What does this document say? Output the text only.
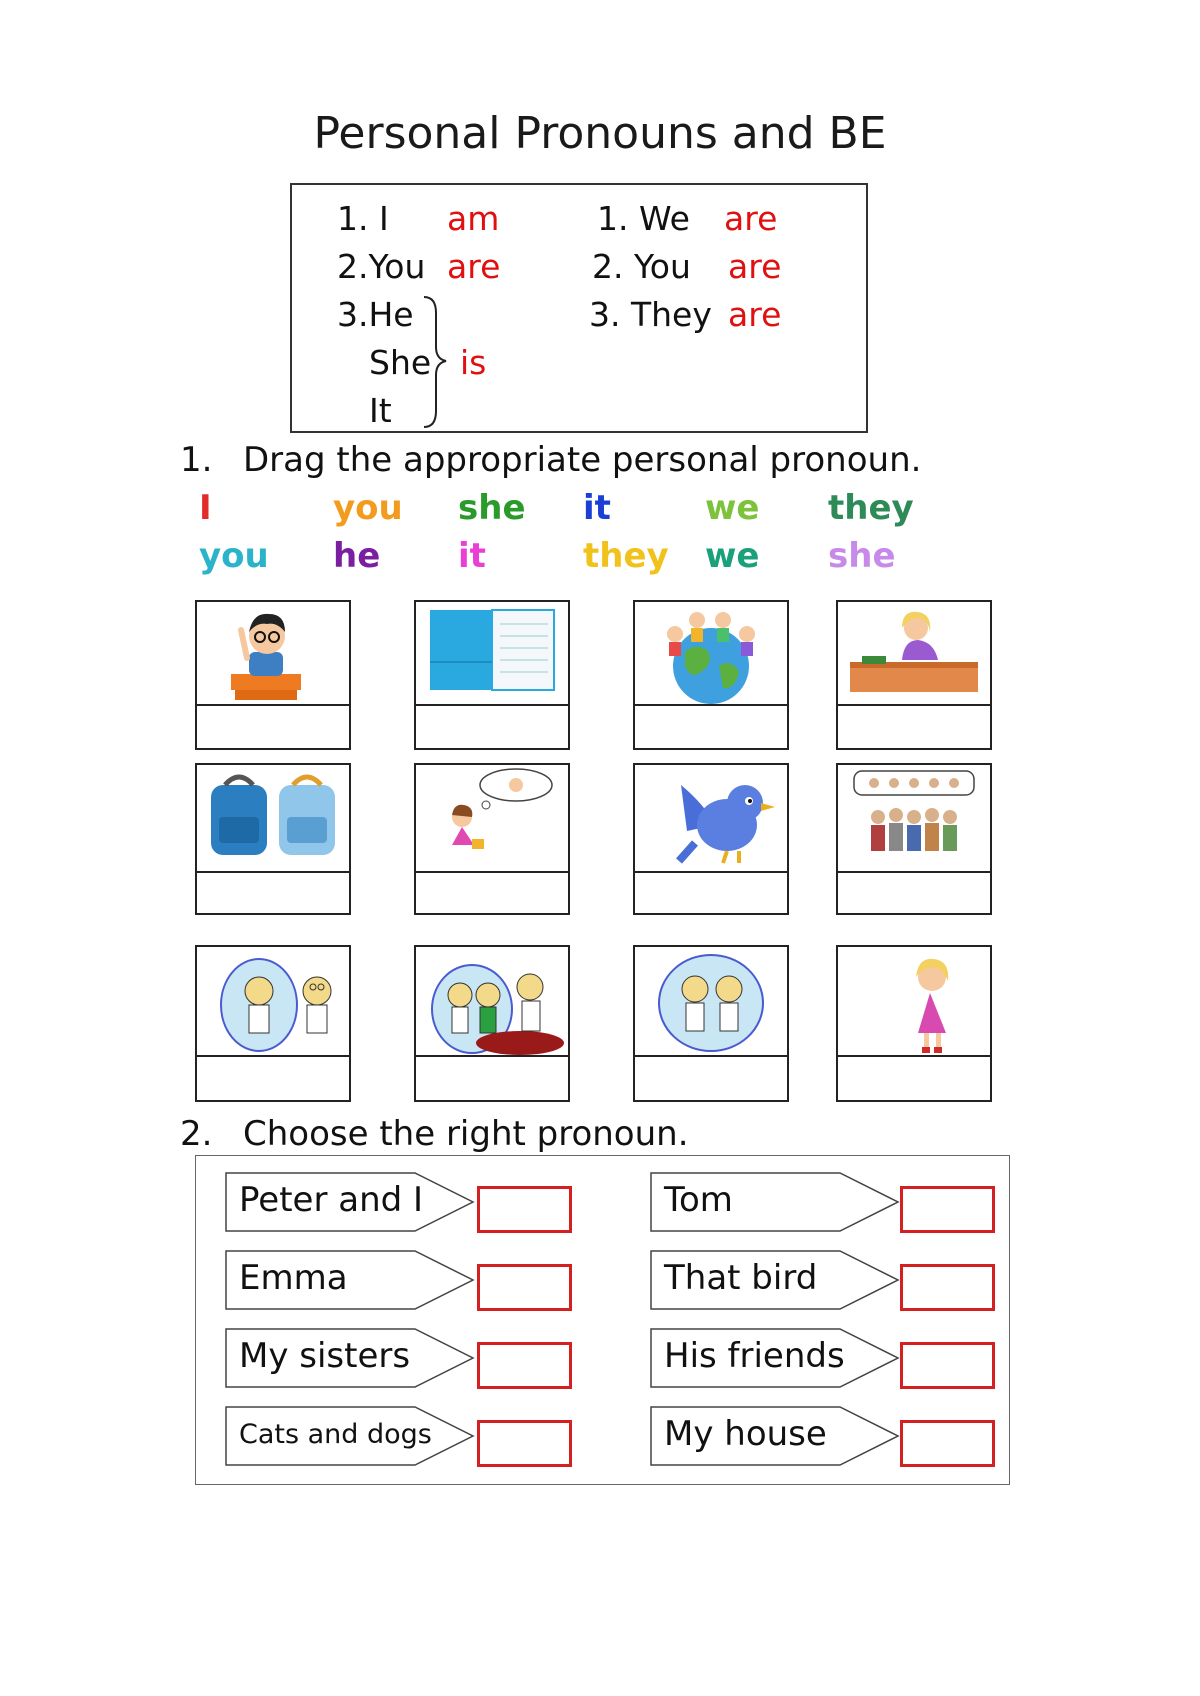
Personal Pronouns and BE
1. I am
2.You are
3.He
She is
It
1. We are
2. You are
3. They are
1. Drag the appropriate personal pronoun.
I	you she it	we they
you he it	they we she
2. Choose the right pronoun.
Peter and I
Emma
My sisters
Cats and dogs
Tom
That bird
His friends
My house
